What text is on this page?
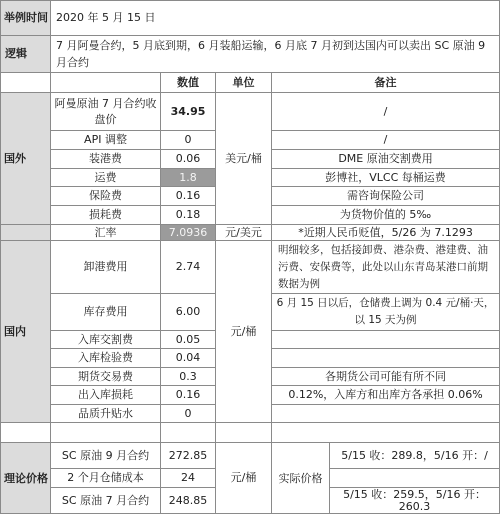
举例时间	2020 年 5 月 15 日				
逻辑	7 月阿曼合约，5 月底到期，6 月装船运输，6 月底 7 月初到达国内可以卖出 SC 原油 9 月合约				
		数值	单位	备注	
国外	阿曼原油 7 月合约收盘价	34.95	美元/桶	/	
	API 调整	0		/	
	装港费	0.06		DME 原油交割费用	
	运费	1.8		彭博社，VLCC 每桶运费	
	保险费	0.16		需咨询保险公司	
	损耗费	0.18		为货物价值的 5‰	
	汇率	7.0936	元/美元	*近期人民币贬值，5/26 为 7.1293	
国内	卸港费用	2.74	元/桶	明细较多，包括接卸费、港杂费、港建费、油污费、安保费等，此处以山东青岛某港口前期数据为例	
	库存费用	6.00		6 月 15 日以后，仓储费上调为 0.4 元/桶·天，以 15 天为例	
	入库交割费	0.05			
	入库检验费	0.04			
	期货交易费	0.3		各期货公司可能有所不同	
	出入库损耗	0.16		0.12%，入库方和出库方各承担 0.06%	
	品质升贴水	0			

理论价格	SC 原油 9 月合约	272.85	元/桶	实际价格	5/15 收：289.8，5/16 开：/
	2 个月仓储成本	24			
	SC 原油 7 月合约	248.85			5/15 收：259.5，5/16 开：260.3
